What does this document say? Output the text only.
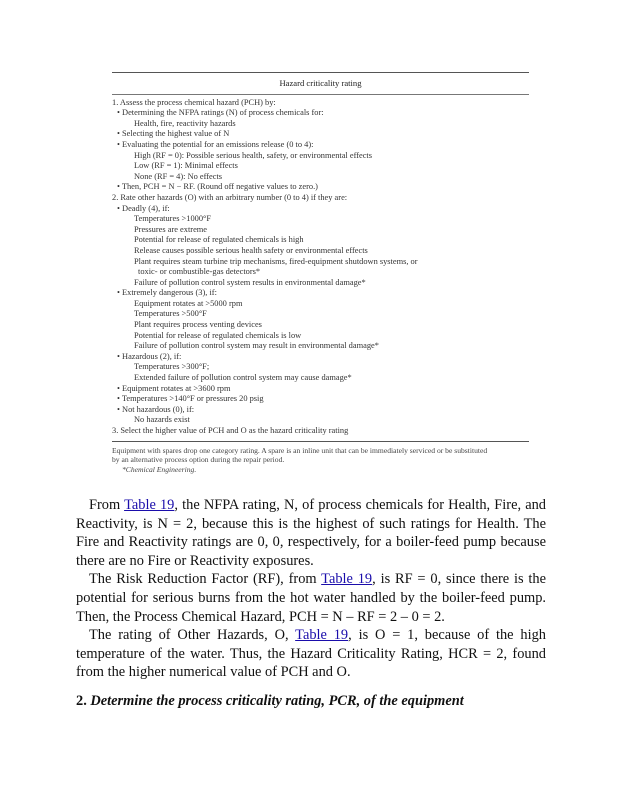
Hazard criticality rating
1. Assess the process chemical hazard (PCH) by:
• Determining the NFPA ratings (N) of process chemicals for:
Health, fire, reactivity hazards
• Selecting the highest value of N
• Evaluating the potential for an emissions release (0 to 4):
High (RF = 0): Possible serious health, safety, or environmental effects
Low (RF = 1): Minimal effects
None (RF = 4): No effects
• Then, PCH = N − RF. (Round off negative values to zero.)
2. Rate other hazards (O) with an arbitrary number (0 to 4) if they are:
• Deadly (4), if:
Temperatures >1000°F
Pressures are extreme
Potential for release of regulated chemicals is high
Release causes possible serious health safety or environmental effects
Plant requires steam turbine trip mechanisms, fired-equipment shutdown systems, or
toxic- or combustible-gas detectors*
Failure of pollution control system results in environmental damage*
• Extremely dangerous (3), if:
Equipment rotates at >5000 rpm
Temperatures >500°F
Plant requires process venting devices
Potential for release of regulated chemicals is low
Failure of pollution control system may result in environmental damage*
• Hazardous (2), if:
Temperatures >300°F;
Extended failure of pollution control system may cause damage*
• Equipment rotates at >3600 rpm
• Temperatures >140°F or pressures 20 psig
• Not hazardous (0), if:
No hazards exist
3. Select the higher value of PCH and O as the hazard criticality rating
Equipment with spares drop one category rating. A spare is an inline unit that can be immediately serviced or be substituted
by an alternative process option during the repair period.
*Chemical Engineering.

From Table 19, the NFPA rating, N, of process chemicals for Health, Fire, and Reactivity, is N = 2, because this is the highest of such ratings for Health. The Fire and Reactivity ratings are 0, 0, respectively, for a boiler-feed pump because there are no Fire or Reactivity exposures.

The Risk Reduction Factor (RF), from Table 19, is RF = 0, since there is the potential for serious burns from the hot water handled by the boiler-feed pump. Then, the Process Chemical Hazard, PCH = N – RF = 2 – 0 = 2.

The rating of Other Hazards, O, Table 19, is O = 1, because of the high temperature of the water. Thus, the Hazard Criticality Rating, HCR = 2, found from the higher numerical value of PCH and O.

2. Determine the process criticality rating, PCR, of the equipment
